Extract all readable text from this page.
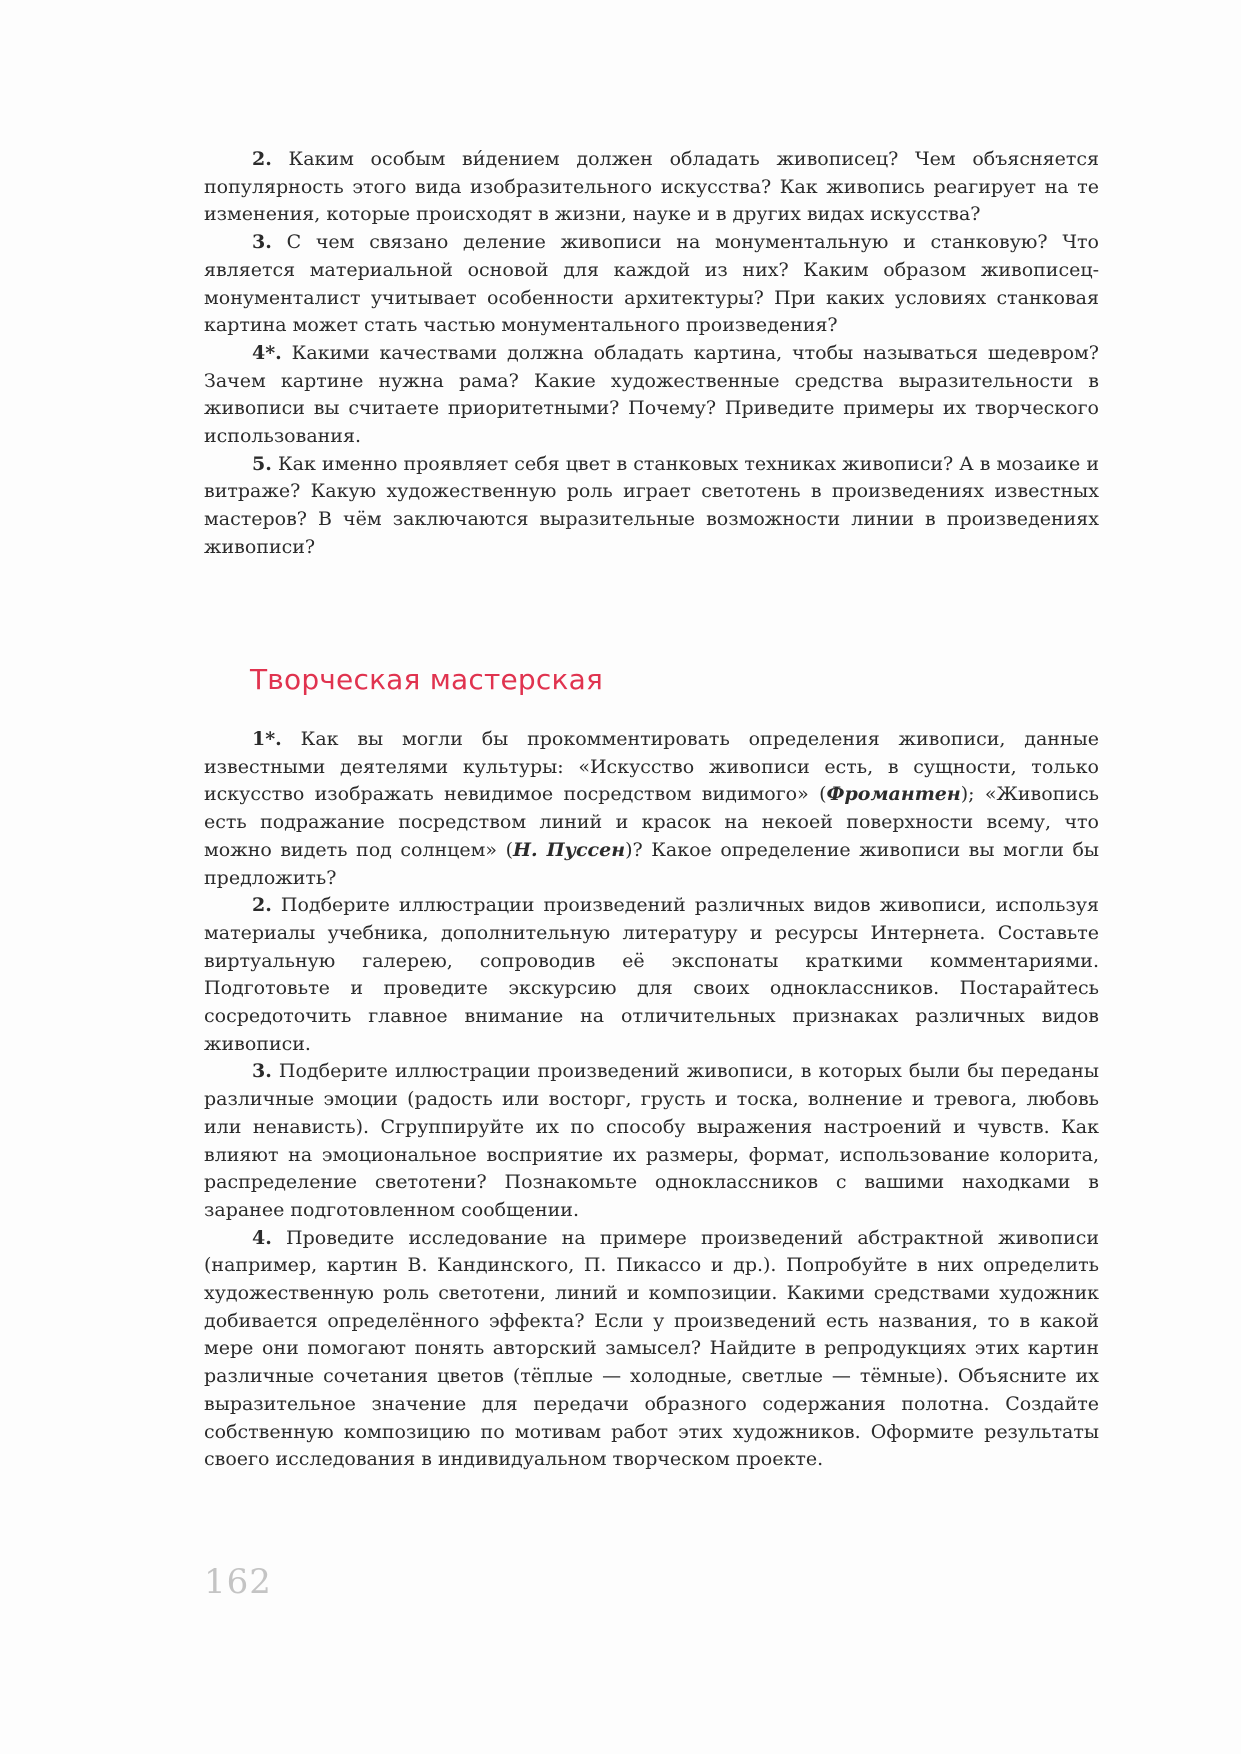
2. Каким особым ви́дением должен обладать живописец? Чем объясняется популярность этого вида изобразительного искусства? Как живопись реагирует на те изменения, которые происходят в жизни, науке и в других видах искусства?

3. С чем связано деление живописи на монументальную и станковую? Что является материальной основой для каждой из них? Каким образом живописец-монументалист учитывает особенности архитектуры? При каких условиях станковая картина может стать частью монументального произведения?

4*. Какими качествами должна обладать картина, чтобы называться шедевром? Зачем картине нужна рама? Какие художественные средства выразительности в живописи вы считаете приоритетными? Почему? Приведите примеры их творческого использования.

5. Как именно проявляет себя цвет в станковых техниках живописи? А в мозаике и витраже? Какую художественную роль играет светотень в произведениях известных мастеров? В чём заключаются выразительные возможности линии в произведениях живописи?

Творческая мастерская

1*. Как вы могли бы прокомментировать определения живописи, данные известными деятелями культуры: «Искусство живописи есть, в сущности, только искусство изображать невидимое посредством видимого» (Фромантен); «Живопись есть подражание посредством линий и красок на некоей поверхности всему, что можно видеть под солнцем» (Н. Пуссен)? Какое определение живописи вы могли бы предложить?

2. Подберите иллюстрации произведений различных видов живописи, используя материалы учебника, дополнительную литературу и ресурсы Интернета. Составьте виртуальную галерею, сопроводив её экспонаты краткими комментариями. Подготовьте и проведите экскурсию для своих одноклассников. Постарайтесь сосредоточить главное внимание на отличительных признаках различных видов живописи.

3. Подберите иллюстрации произведений живописи, в которых были бы переданы различные эмоции (радость или восторг, грусть и тоска, волнение и тревога, любовь или ненависть). Сгруппируйте их по способу выражения настроений и чувств. Как влияют на эмоциональное восприятие их размеры, формат, использование колорита, распределение светотени? Познакомьте одноклассников с вашими находками в заранее подготовленном сообщении.

4. Проведите исследование на примере произведений абстрактной живописи (например, картин В. Кандинского, П. Пикассо и др.). Попробуйте в них определить художественную роль светотени, линий и композиции. Какими средствами художник добивается определённого эффекта? Если у произведений есть названия, то в какой мере они помогают понять авторский замысел? Найдите в репродукциях этих картин различные сочетания цветов (тёплые — холодные, светлые — тёмные). Объясните их выразительное значение для передачи образного содержания полотна. Создайте собственную композицию по мотивам работ этих художников. Оформите результаты своего исследования в индивидуальном творческом проекте.

162
